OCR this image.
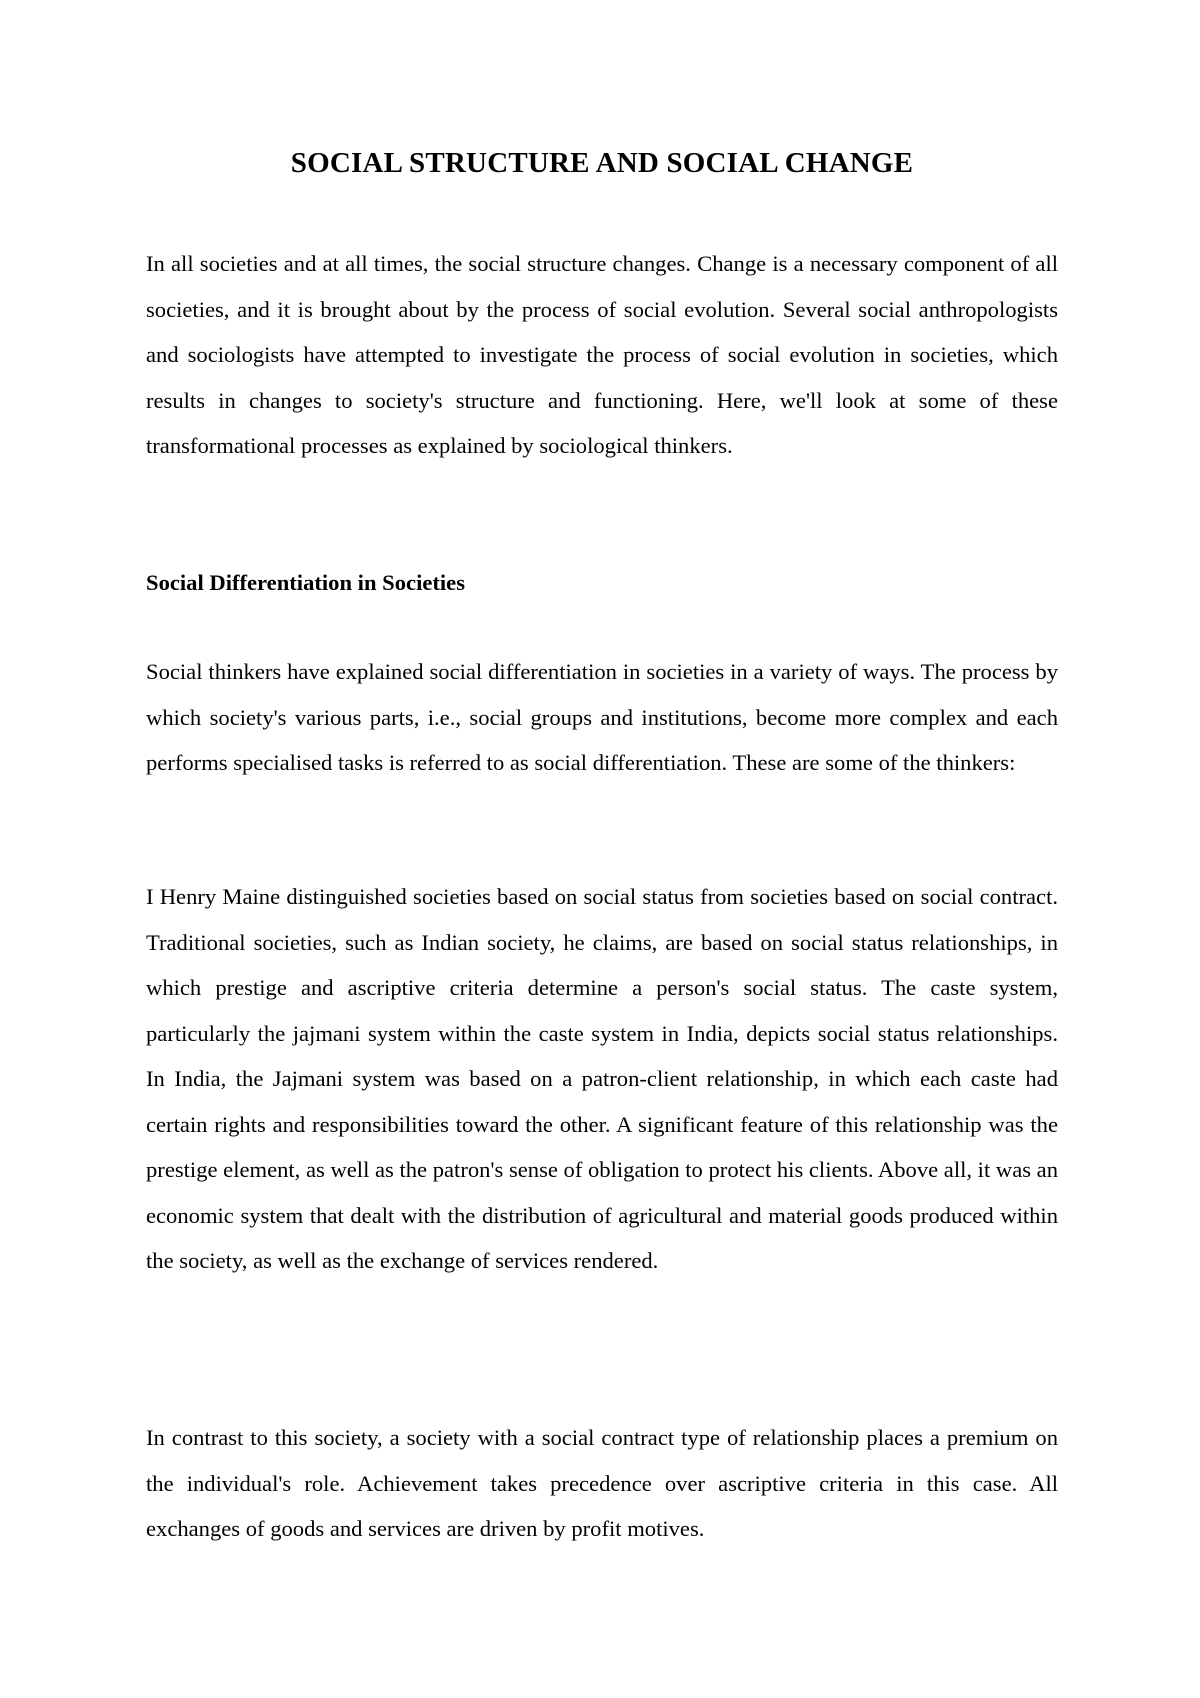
SOCIAL STRUCTURE AND SOCIAL CHANGE

In all societies and at all times, the social structure changes. Change is a necessary component of all societies, and it is brought about by the process of social evolution. Several social anthropologists and sociologists have attempted to investigate the process of social evolution in societies, which results in changes to society's structure and functioning. Here, we'll look at some of these transformational processes as explained by sociological thinkers.

Social Differentiation in Societies

Social thinkers have explained social differentiation in societies in a variety of ways. The process by which society's various parts, i.e., social groups and institutions, become more complex and each performs specialised tasks is referred to as social differentiation. These are some of the thinkers:

I Henry Maine distinguished societies based on social status from societies based on social contract. Traditional societies, such as Indian society, he claims, are based on social status relationships, in which prestige and ascriptive criteria determine a person's social status. The caste system, particularly the jajmani system within the caste system in India, depicts social status relationships. In India, the Jajmani system was based on a patron-client relationship, in which each caste had certain rights and responsibilities toward the other. A significant feature of this relationship was the prestige element, as well as the patron's sense of obligation to protect his clients. Above all, it was an economic system that dealt with the distribution of agricultural and material goods produced within the society, as well as the exchange of services rendered.

In contrast to this society, a society with a social contract type of relationship places a premium on the individual's role. Achievement takes precedence over ascriptive criteria in this case. All exchanges of goods and services are driven by profit motives.
